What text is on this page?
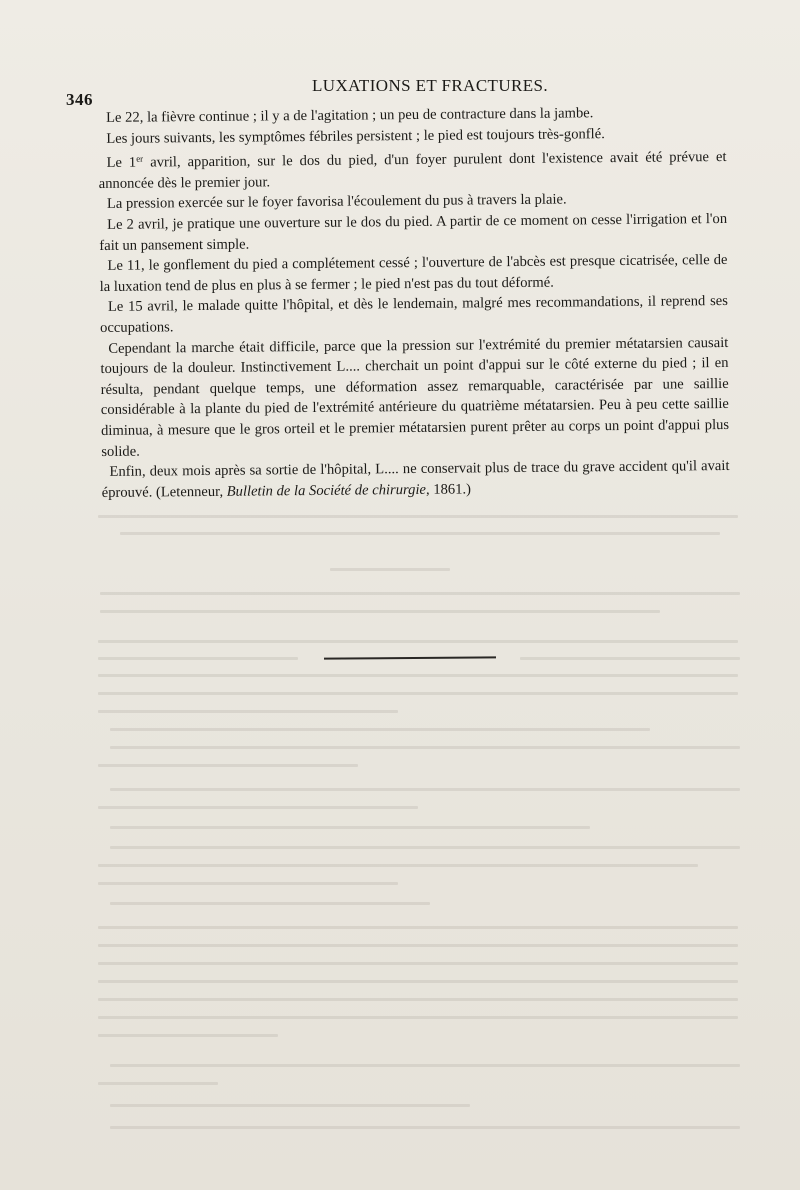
346
LUXATIONS ET FRACTURES.

Le 22, la fièvre continue ; il y a de l'agitation ; un peu de contracture dans la jambe.

Les jours suivants, les symptômes fébriles persistent ; le pied est toujours très-gonflé.

Le 1er avril, apparition, sur le dos du pied, d'un foyer purulent dont l'existence avait été prévue et annoncée dès le premier jour.

La pression exercée sur le foyer favorisa l'écoulement du pus à travers la plaie.

Le 2 avril, je pratique une ouverture sur le dos du pied. A partir de ce moment on cesse l'irrigation et l'on fait un pansement simple.

Le 11, le gonflement du pied a complétement cessé ; l'ouverture de l'abcès est presque cicatrisée, celle de la luxation tend de plus en plus à se fermer ; le pied n'est pas du tout déformé.

Le 15 avril, le malade quitte l'hôpital, et dès le lendemain, malgré mes recommandations, il reprend ses occupations.

Cependant la marche était difficile, parce que la pression sur l'extrémité du premier métatarsien causait toujours de la douleur. Instinctivement L.... cherchait un point d'appui sur le côté externe du pied ; il en résulta, pendant quelque temps, une déformation assez remarquable, caractérisée par une saillie considérable à la plante du pied de l'extrémité antérieure du quatrième métatarsien. Peu à peu cette saillie diminua, à mesure que le gros orteil et le premier métatarsien purent prêter au corps un point d'appui plus solide.

Enfin, deux mois après sa sortie de l'hôpital, L.... ne conservait plus de trace du grave accident qu'il avait éprouvé. (Letenneur, Bulletin de la Société de chirurgie, 1861.)
